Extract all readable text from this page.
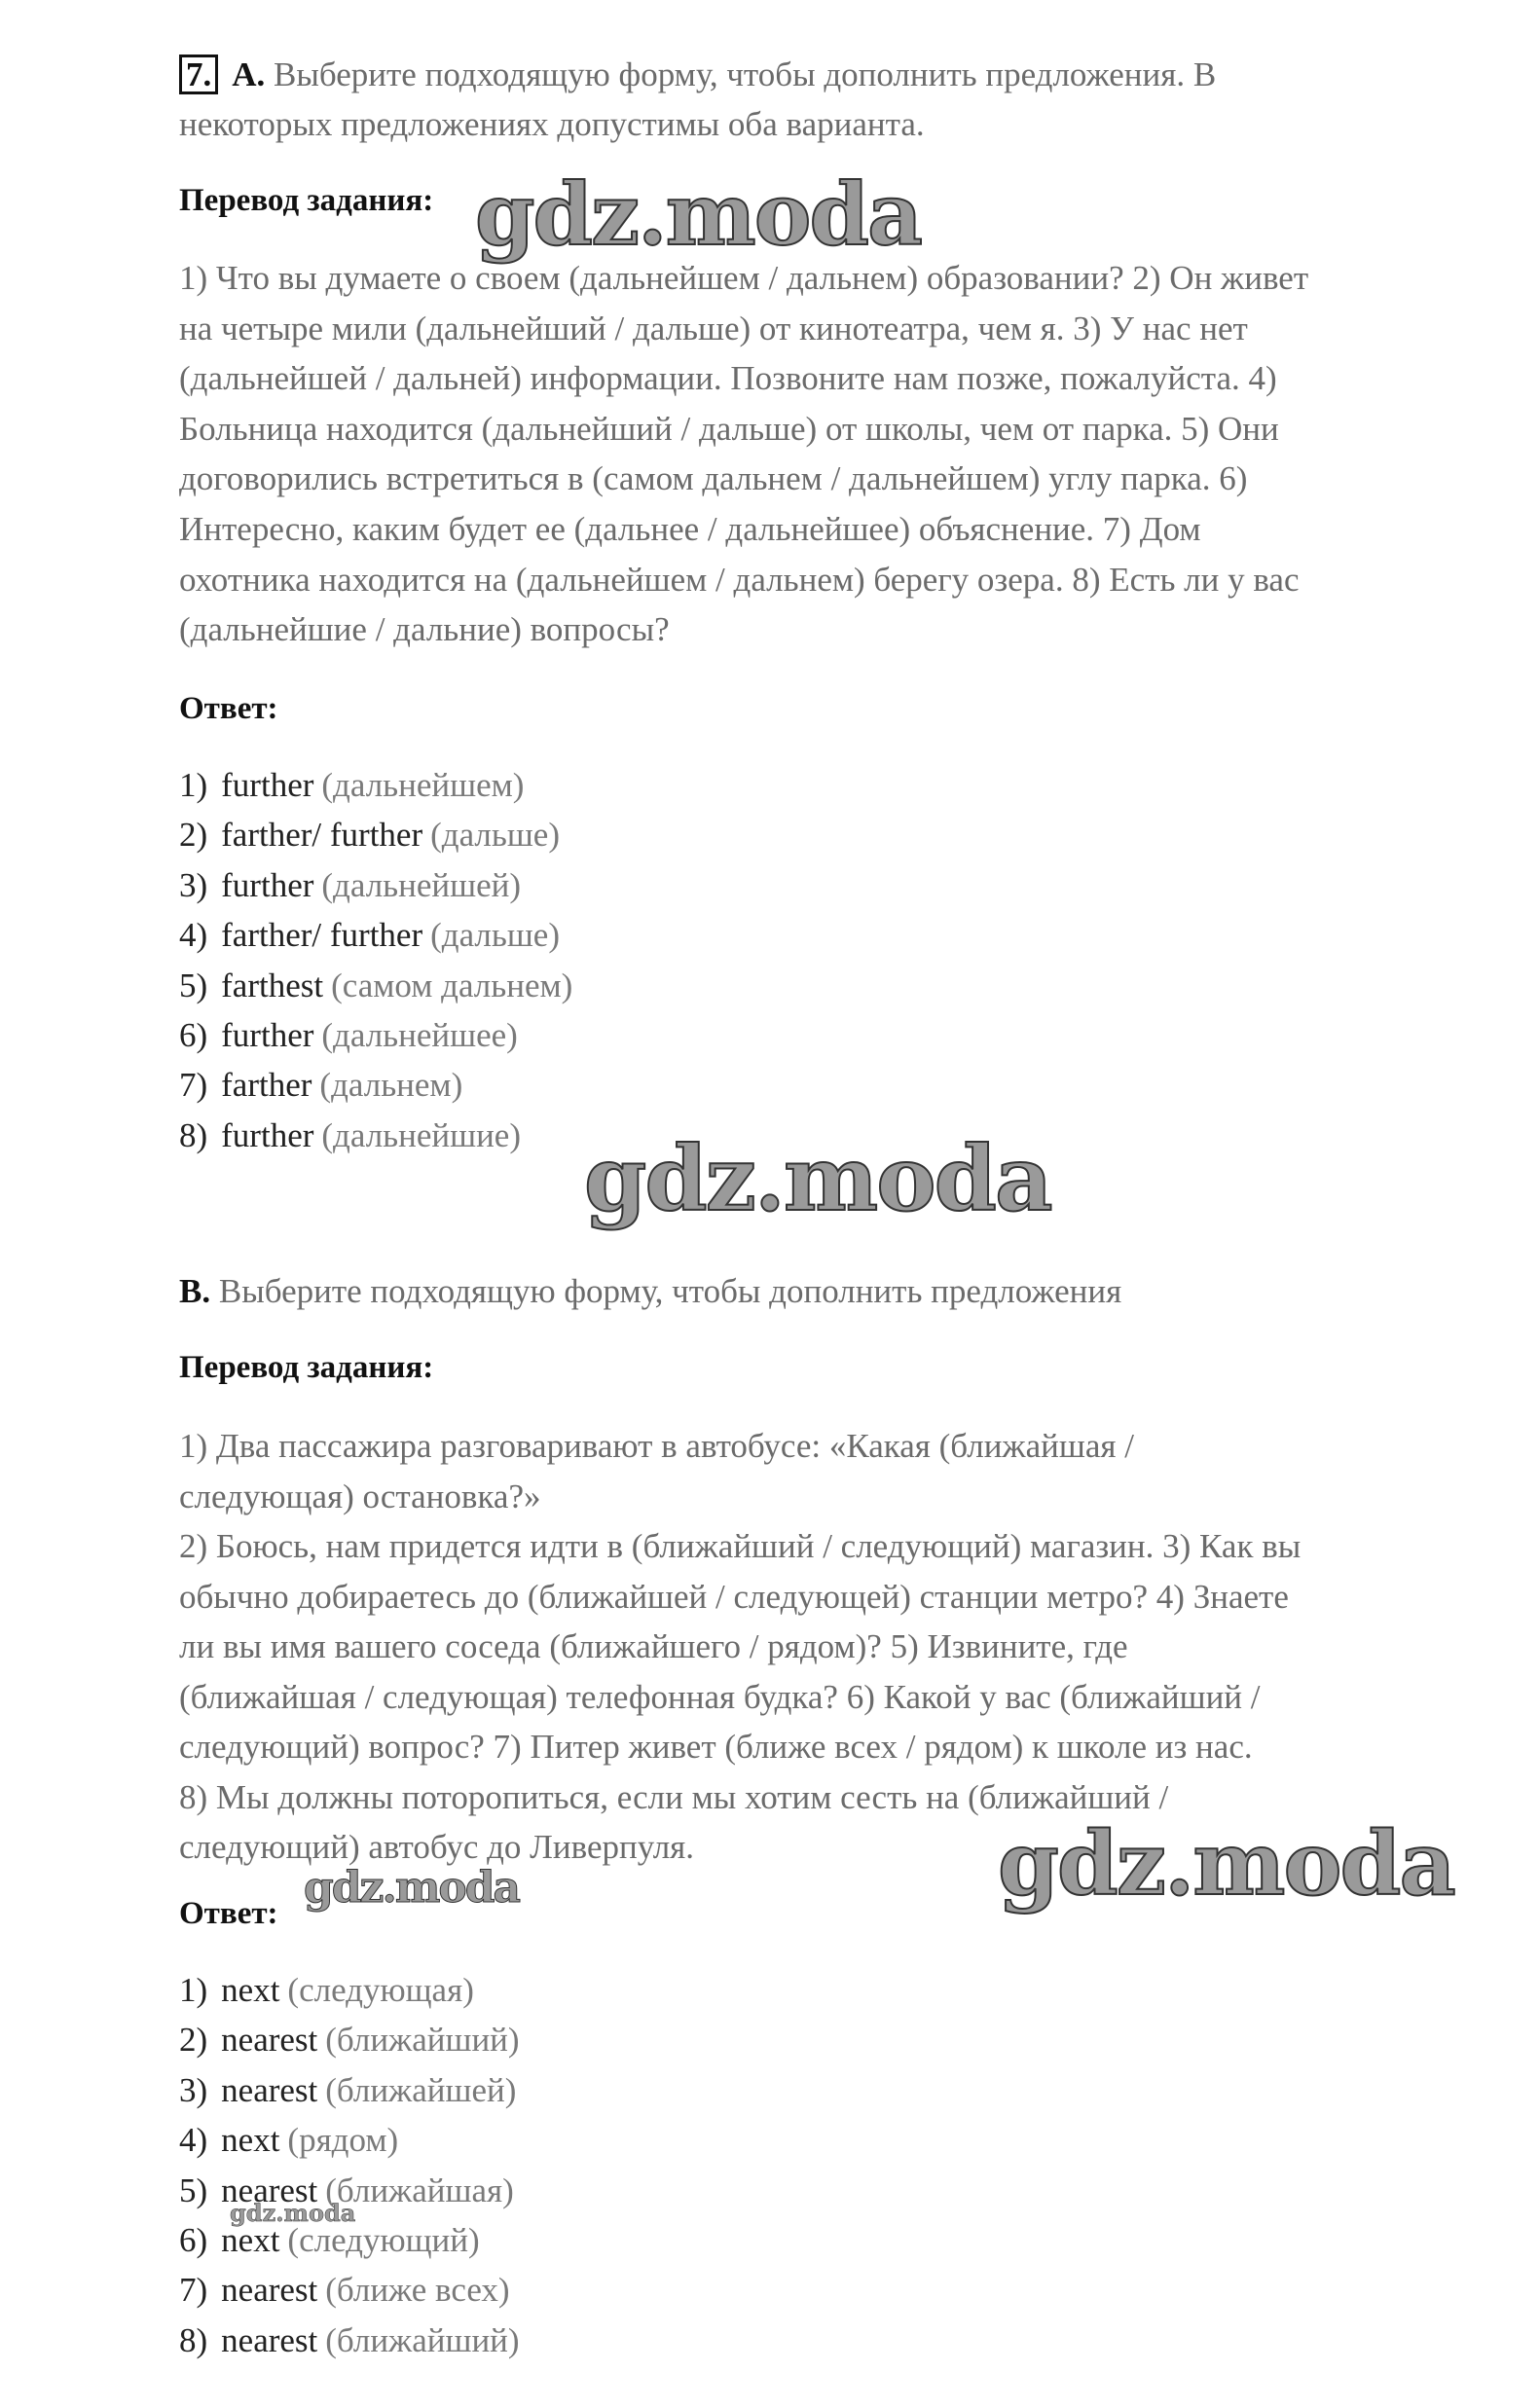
7. A. Выберите подходящую форму, чтобы дополнить предложения. В
некоторых предложениях допустимы оба варианта.
Перевод задания:
1) Что вы думаете о своем (дальнейшем / дальнем) образовании? 2) Он живет
на четыре мили (дальнейший / дальше) от кинотеатра, чем я. 3) У нас нет
(дальнейшей / дальней) информации. Позвоните нам позже, пожалуйста. 4)
Больница находится (дальнейший / дальше) от школы, чем от парка. 5) Они
договорились встретиться в (самом дальнем / дальнейшем) углу парка. 6)
Интересно, каким будет ее (дальнее / дальнейшее) объяснение. 7) Дом
охотника находится на (дальнейшем / дальнем) берегу озера. 8) Есть ли у вас
(дальнейшие / дальние) вопросы?
Ответ:
1) further (дальнейшем)
2) farther/ further (дальше)
3) further (дальнейшей)
4) farther/ further (дальше)
5) farthest (самом дальнем)
6) further (дальнейшее)
7) farther (дальнем)
8) further (дальнейшие)
B. Выберите подходящую форму, чтобы дополнить предложения
Перевод задания:
1) Два пассажира разговаривают в автобусе: «Какая (ближайшая /
следующая) остановка?»
2) Боюсь, нам придется идти в (ближайший / следующий) магазин. 3) Как вы
обычно добираетесь до (ближайшей / следующей) станции метро? 4) Знаете
ли вы имя вашего соседа (ближайшего / рядом)? 5) Извините, где
(ближайшая / следующая) телефонная будка? 6) Какой у вас (ближайший /
следующий) вопрос? 7) Питер живет (ближе всех / рядом) к школе из нас.
8) Мы должны поторопиться, если мы хотим сесть на (ближайший /
следующий) автобус до Ливерпуля.
Ответ:
1) next (следующая)
2) nearest (ближайший)
3) nearest (ближайшей)
4) next (рядом)
5) nearest (ближайшая)
6) next (следующий)
7) nearest (ближе всех)
8) nearest (ближайший)
gdz.moda
gdz.moda
gdz.moda
gdz.moda
gdz.moda
